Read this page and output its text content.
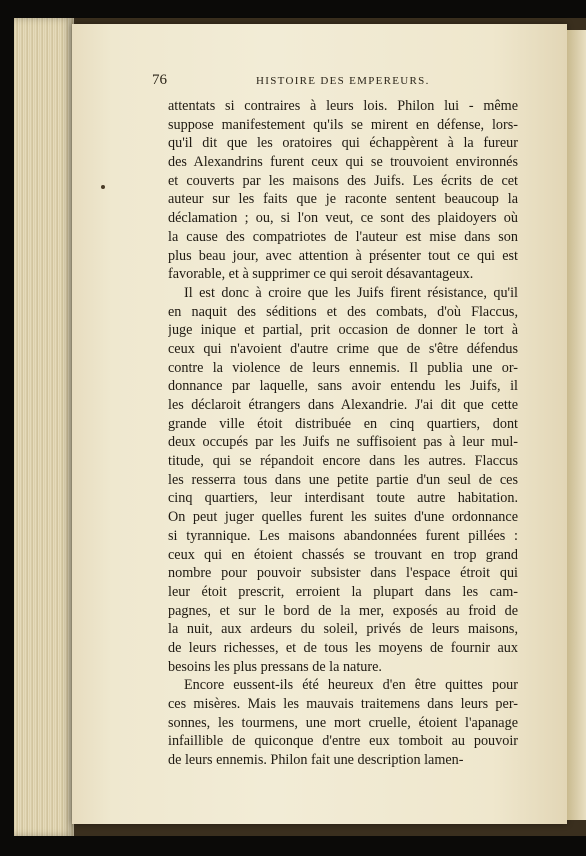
76	HISTOIRE DES EMPEREURS.
attentats si contraires à leurs lois. Philon lui - même
suppose manifestement qu'ils se mirent en défense, lors-
qu'il dit que les oratoires qui échappèrent à la fureur
des Alexandrins furent ceux qui se trouvoient environnés
et couverts par les maisons des Juifs. Les écrits de cet
auteur sur les faits que je raconte sentent beaucoup la
déclamation ; ou, si l'on veut, ce sont des plaidoyers où
la cause des compatriotes de l'auteur est mise dans son
plus beau jour, avec attention à présenter tout ce qui est
favorable, et à supprimer ce qui seroit désavantageux.
Il est donc à croire que les Juifs firent résistance, qu'il
en naquit des séditions et des combats, d'où Flaccus,
juge inique et partial, prit occasion de donner le tort à
ceux qui n'avoient d'autre crime que de s'être défendus
contre la violence de leurs ennemis. Il publia une or-
donnance par laquelle, sans avoir entendu les Juifs, il
les déclaroit étrangers dans Alexandrie. J'ai dit que cette
grande ville étoit distribuée en cinq quartiers, dont
deux occupés par les Juifs ne suffisoient pas à leur mul-
titude, qui se répandoit encore dans les autres. Flaccus
les resserra tous dans une petite partie d'un seul de ces
cinq quartiers, leur interdisant toute autre habitation.
On peut juger quelles furent les suites d'une ordonnance
si tyrannique. Les maisons abandonnées furent pillées :
ceux qui en étoient chassés se trouvant en trop grand
nombre pour pouvoir subsister dans l'espace étroit qui
leur étoit prescrit, erroient la plupart dans les cam-
pagnes, et sur le bord de la mer, exposés au froid de
la nuit, aux ardeurs du soleil, privés de leurs maisons,
de leurs richesses, et de tous les moyens de fournir aux
besoins les plus pressans de la nature.
Encore eussent-ils été heureux d'en être quittes pour
ces misères. Mais les mauvais traitemens dans leurs per-
sonnes, les tourmens, une mort cruelle, étoient l'apanage
infaillible de quiconque d'entre eux tomboit au pouvoir
de leurs ennemis. Philon fait une description lamen-
